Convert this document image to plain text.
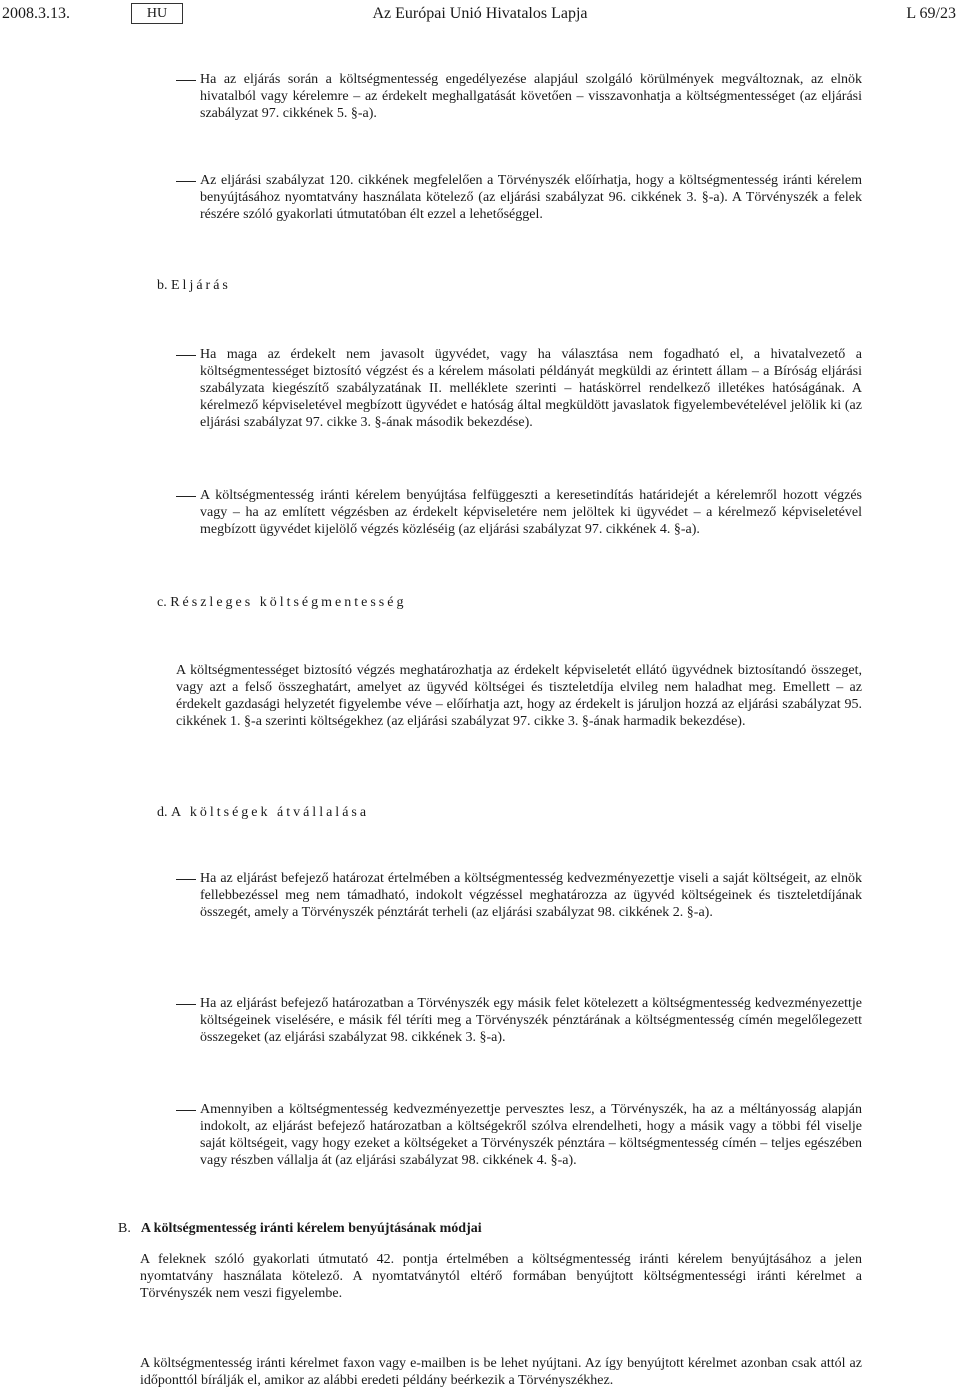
2008.3.13.	HU	Az Európai Unió Hivatalos Lapja	L 69/23
Ha az eljárás során a költségmentesség engedélyezése alapjául szolgáló körülmények megváltoznak, az elnök hivatalból vagy kérelemre – az érdekelt meghallgatását követően – visszavonhatja a költségmentességet (az eljárási szabályzat 97. cikkének 5. §-a).
Az eljárási szabályzat 120. cikkének megfelelően a Törvényszék előírhatja, hogy a költségmentesség iránti kérelem benyújtásához nyomtatvány használata kötelező (az eljárási szabályzat 96. cikkének 3. §-a). A Törvényszék a felek részére szóló gyakorlati útmutatóban élt ezzel a lehetőséggel.
b. Eljárás
Ha maga az érdekelt nem javasolt ügyvédet, vagy ha választása nem fogadható el, a hivatalvezető a költségmentességet biztosító végzést és a kérelem másolati példányát megküldi az érintett állam – a Bíróság eljárási szabályzata kiegészítő szabályzatának II. melléklete szerinti – hatáskörrel rendelkező illetékes hatóságának. A kérelmező képviseletével megbízott ügyvédet e hatóság által megküldött javaslatok figyelembevételével jelölik ki (az eljárási szabályzat 97. cikke 3. §-ának második bekezdése).
A költségmentesség iránti kérelem benyújtása felfüggeszti a keresetindítás határidejét a kérelemről hozott végzés vagy – ha az említett végzésben az érdekelt képviseletére nem jelöltek ki ügyvédet – a kérelmező képviseletével megbízott ügyvédet kijelölő végzés közléséig (az eljárási szabályzat 97. cikkének 4. §-a).
c. Részleges költségmentesség
A költségmentességet biztosító végzés meghatározhatja az érdekelt képviseletét ellátó ügyvédnek biztosítandó összeget, vagy azt a felső összeghatárt, amelyet az ügyvéd költségei és tiszteletdíja elvileg nem haladhat meg. Emellett – az érdekelt gazdasági helyzetét figyelembe véve – előírhatja azt, hogy az érdekelt is járuljon hozzá az eljárási szabályzat 95. cikkének 1. §-a szerinti költségekhez (az eljárási szabályzat 97. cikke 3. §-ának harmadik bekezdése).
d. A költségek átvállalása
Ha az eljárást befejező határozat értelmében a költségmentesség kedvezményezettje viseli a saját költségeit, az elnök fellebbezéssel meg nem támadható, indokolt végzéssel meghatározza az ügyvéd költségeinek és tiszteletdíjának összegét, amely a Törvényszék pénztárát terheli (az eljárási szabályzat 98. cikkének 2. §-a).
Ha az eljárást befejező határozatban a Törvényszék egy másik felet kötelezett a költségmentesség kedvezményezettje költségeinek viselésére, e másik fél téríti meg a Törvényszék pénztárának a költségmentesség címén megelőlegezett összegeket (az eljárási szabályzat 98. cikkének 3. §-a).
Amennyiben a költségmentesség kedvezményezettje pervesztes lesz, a Törvényszék, ha az a méltányosság alapján indokolt, az eljárást befejező határozatban a költségekről szólva elrendelheti, hogy a másik vagy a többi fél viselje saját költségeit, vagy hogy ezeket a költségeket a Törvényszék pénztára – költségmentesség címén – teljes egészében vagy részben vállalja át (az eljárási szabályzat 98. cikkének 4. §-a).
B. A költségmentesség iránti kérelem benyújtásának módjai
A feleknek szóló gyakorlati útmutató 42. pontja értelmében a költségmentesség iránti kérelem benyújtásához a jelen nyomtatvány használata kötelező. A nyomtatványtól eltérő formában benyújtott költségmentességi iránti kérelmet a Törvényszék nem veszi figyelembe.
A költségmentesség iránti kérelmet faxon vagy e-mailben is be lehet nyújtani. Az így benyújtott kérelmet azonban csak attól az időponttól bírálják el, amikor az alábbi eredeti példány beérkezik a Törvényszékhez.
